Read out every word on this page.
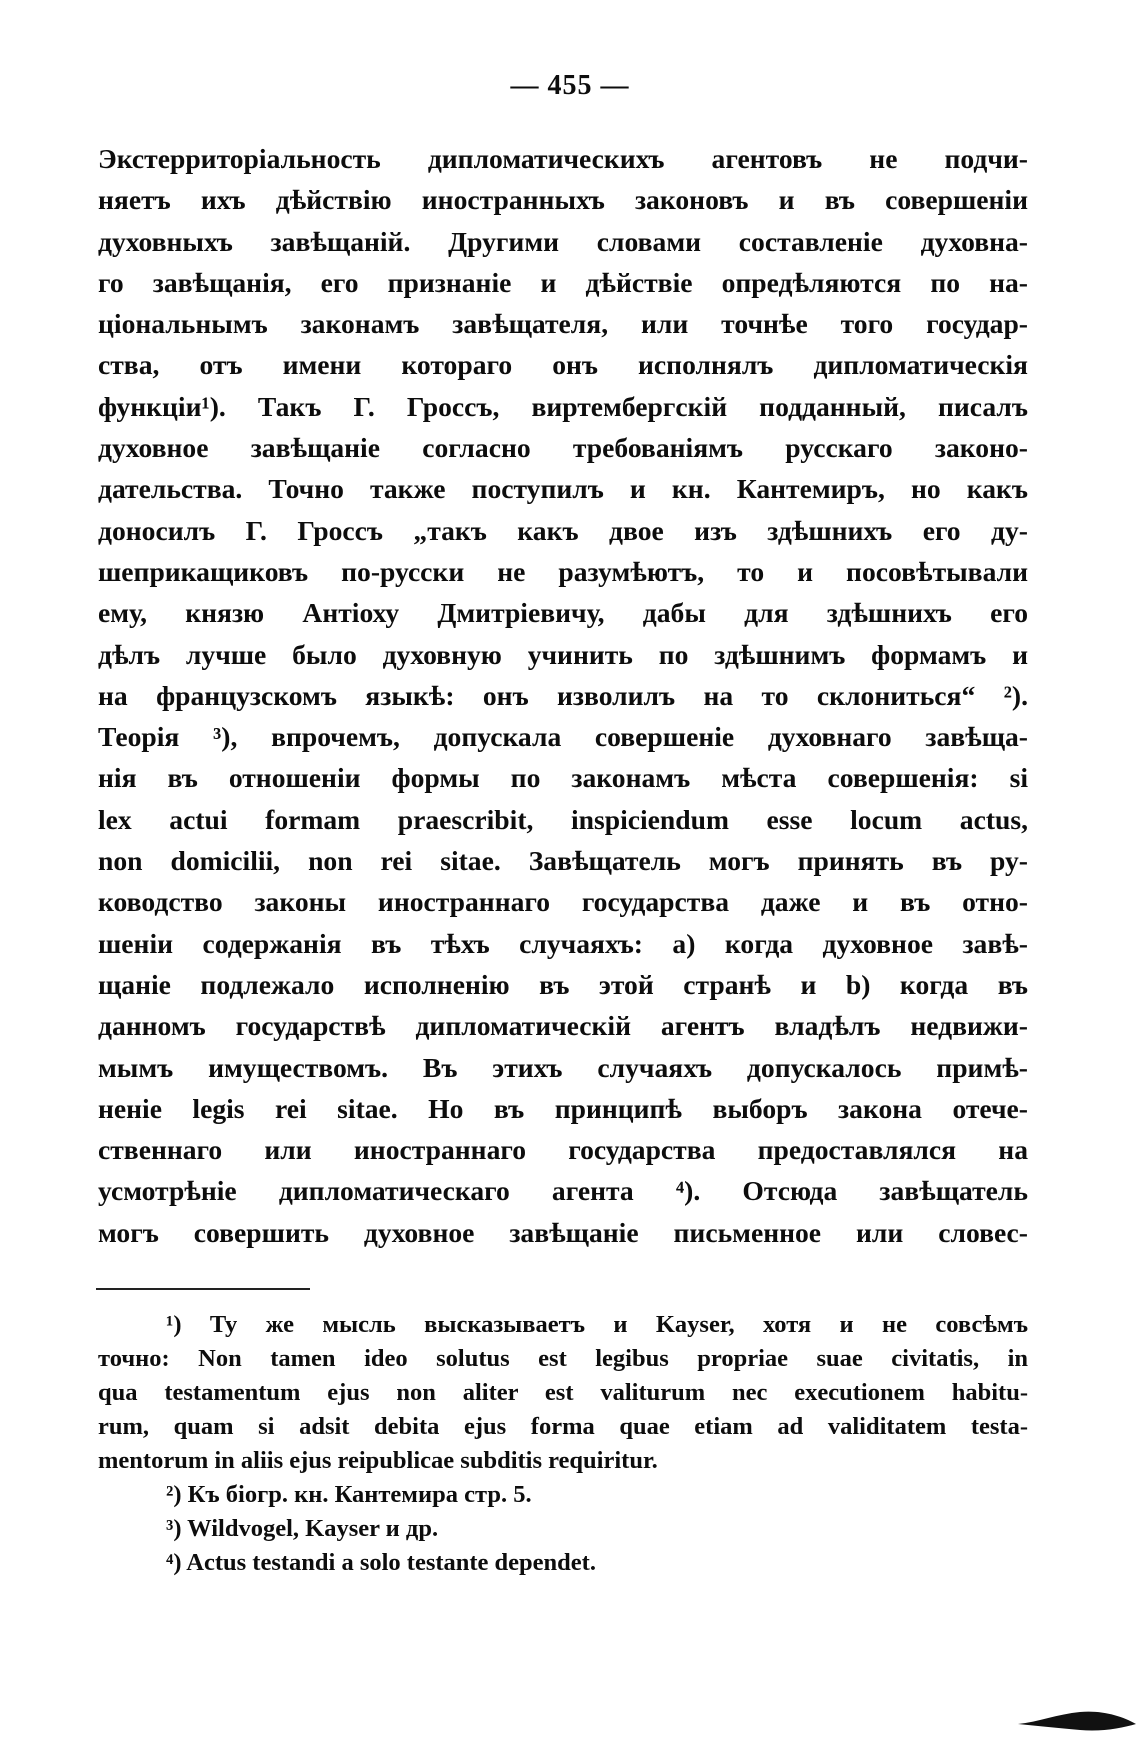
— 455 —
Экстерриторіальность дипломатическихъ агентовъ не подчи-
няетъ ихъ дѣйствію иностранныхъ законовъ и въ совершеніи
духовныхъ завѣщаній. Другими словами составленіе духовна-
го завѣщанія, его признаніе и дѣйствіе опредѣляются по на-
ціональнымъ законамъ завѣщателя, или точнѣе того государ-
ства, отъ имени котораго онъ исполнялъ дипломатическія
функціи¹). Такъ Г. Гроссъ, виртембергскій подданный, писалъ
духовное завѣщаніе согласно требованіямъ русскаго законо-
дательства. Точно также поступилъ и кн. Кантемиръ, но какъ
доносилъ Г. Гроссъ „такъ какъ двое изъ здѣшнихъ его ду-
шеприкащиковъ по-русски не разумѣютъ, то и посовѣтывали
ему, князю Антіоху Дмитріевичу, дабы для здѣшнихъ его
дѣлъ лучше было духовную учинить по здѣшнимъ формамъ и
на французскомъ языкѣ: онъ изволилъ на то склониться“ ²).
Теорія ³), впрочемъ, допускала совершеніе духовнаго завѣща-
нія въ отношеніи формы по законамъ мѣста совершенія: si
lex actui formam praescribit, inspiciendum esse locum actus,
non domicilii, non rei sitae. Завѣщатель могъ принять въ ру-
ководство законы иностраннаго государства даже и въ отно-
шеніи содержанія въ тѣхъ случаяхъ: a) когда духовное завѣ-
щаніе подлежало исполненію въ этой странѣ и b) когда въ
данномъ государствѣ дипломатическій агентъ владѣлъ недвижи-
мымъ имуществомъ. Въ этихъ случаяхъ допускалось примѣ-
неніе legis rei sitae. Но въ принципѣ выборъ закона отече-
ственнаго или иностраннаго государства предоставлялся на
усмотрѣніе дипломатическаго агента ⁴). Отсюда завѣщатель
могъ совершить духовное завѣщаніе письменное или словес-
¹) Ту же мысль высказываетъ и Kayser, хотя и не совсѣмъ
точно: Non tamen ideo solutus est legibus propriae suae civitatis, in
qua testamentum ejus non aliter est valiturum nec executionem habitu-
rum, quam si adsit debita ejus forma quae etiam ad validitatem testa-
mentorum in aliis ejus reipublicae subditis requiritur.
²) Къ біогр. кн. Кантемира стр. 5.
³) Wildvogel, Kayser и др.
⁴) Actus testandi a solo testante dependet.
